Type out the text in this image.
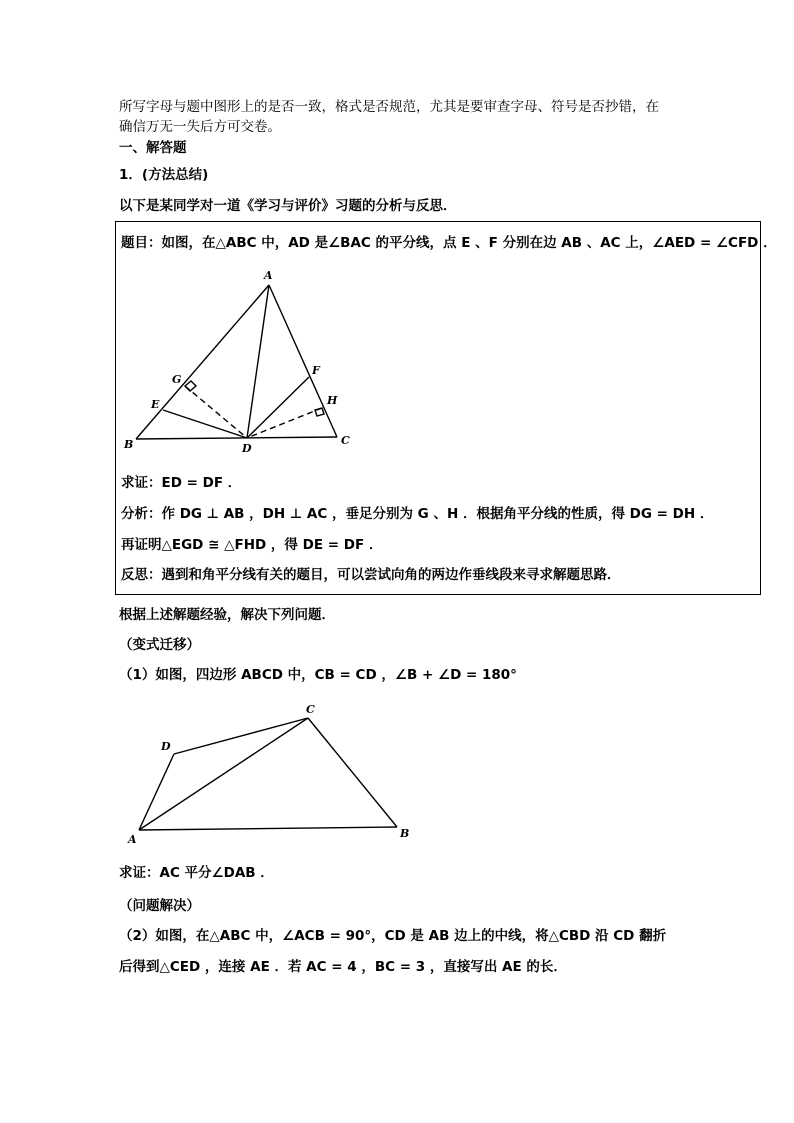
所写字母与题中图形上的是否一致，格式是否规范，尤其是要审查字母、符号是否抄错，在
确信万无一失后方可交卷。
一、解答题
1．(方法总结)
以下是某同学对一道《学习与评价》习题的分析与反思．
题目：如图，在△ABC 中，AD 是∠BAC 的平分线，点 E 、F 分别在边 AB 、AC 上，∠AED = ∠CFD ．
A
B	C
D
E
F
G
H
求证：ED = DF ．
分析：作 DG ⊥ AB ，DH ⊥ AC ，垂足分别为 G 、H ．根据角平分线的性质，得 DG = DH ．
再证明△EGD ≅ △FHD ，得 DE = DF ．
反思：遇到和角平分线有关的题目，可以尝试向角的两边作垂线段来寻求解题思路．
根据上述解题经验，解决下列问题．
（变式迁移）
（1）如图，四边形 ABCD 中，CB = CD ，∠B + ∠D = 180°
A	B
C
D
求证：AC 平分∠DAB ．
（问题解决）
（2）如图，在△ABC 中，∠ACB = 90°，CD 是 AB 边上的中线，将△CBD 沿 CD 翻折
后得到△CED ，连接 AE ．若 AC = 4 ，BC = 3 ，直接写出 AE 的长．
